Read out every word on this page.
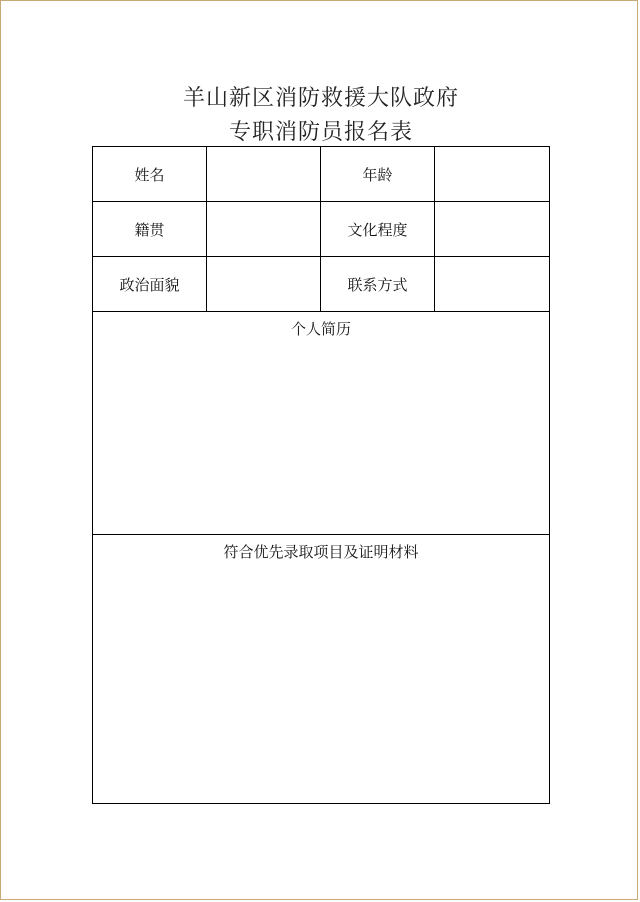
羊山新区消防救援大队政府
专职消防员报名表
姓名		年龄	
籍贯		文化程度	
政治面貌		联系方式	
个人简历			
符合优先录取项目及证明材料			
